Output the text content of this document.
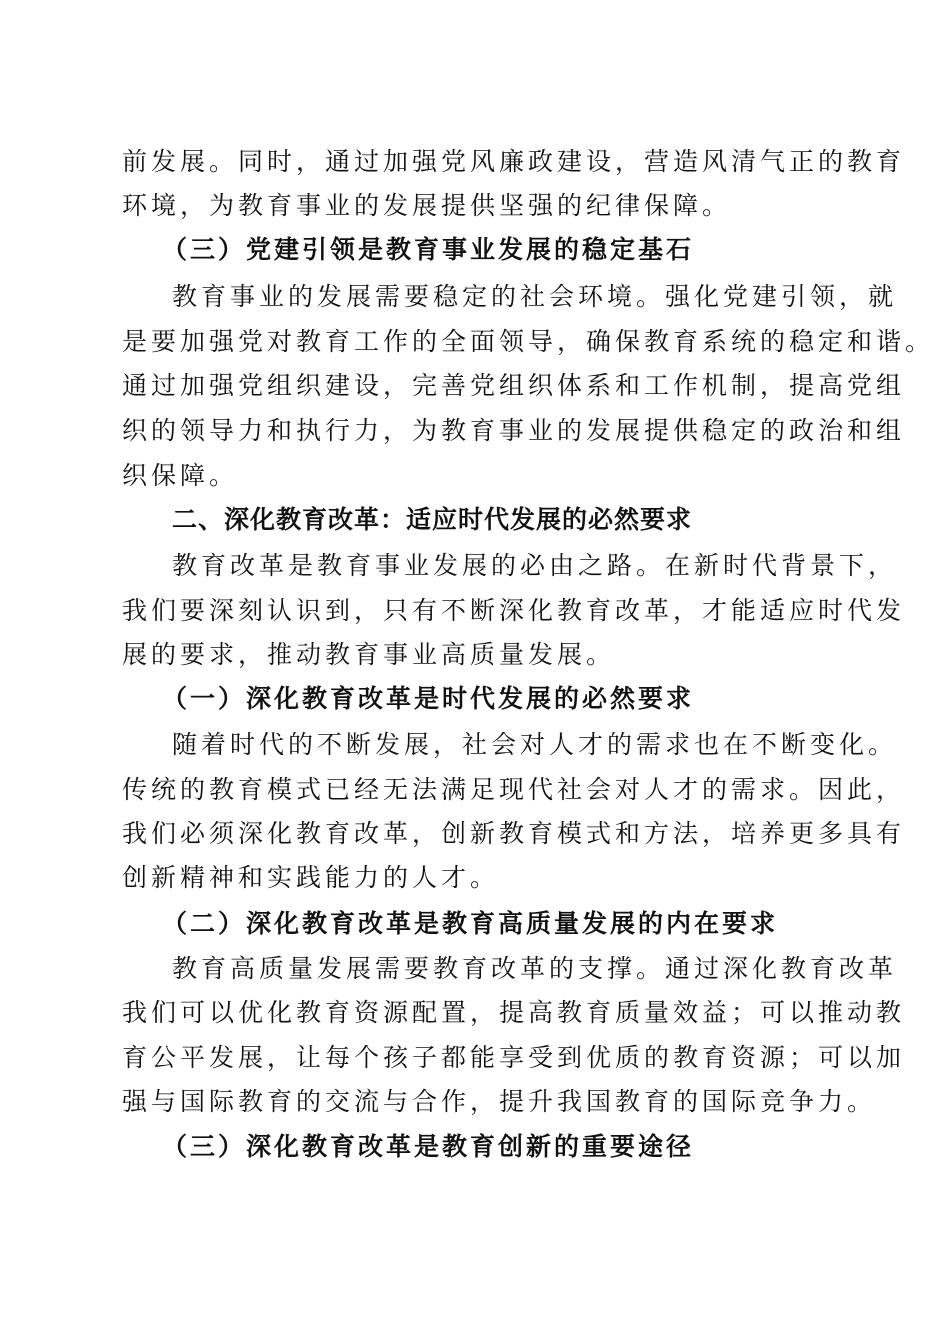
前发展。同时，通过加强党风廉政建设，营造风清气正的教育
环境，为教育事业的发展提供坚强的纪律保障。
（三）党建引领是教育事业发展的稳定基石
教育事业的发展需要稳定的社会环境。强化党建引领，就
是要加强党对教育工作的全面领导，确保教育系统的稳定和谐。
通过加强党组织建设，完善党组织体系和工作机制，提高党组
织的领导力和执行力，为教育事业的发展提供稳定的政治和组
织保障。
二、深化教育改革：适应时代发展的必然要求
教育改革是教育事业发展的必由之路。在新时代背景下，
我们要深刻认识到，只有不断深化教育改革，才能适应时代发
展的要求，推动教育事业高质量发展。
（一）深化教育改革是时代发展的必然要求
随着时代的不断发展，社会对人才的需求也在不断变化。
传统的教育模式已经无法满足现代社会对人才的需求。因此，
我们必须深化教育改革，创新教育模式和方法，培养更多具有
创新精神和实践能力的人才。
（二）深化教育改革是教育高质量发展的内在要求
教育高质量发展需要教育改革的支撑。通过深化教育改革
我们可以优化教育资源配置，提高教育质量效益；可以推动教
育公平发展，让每个孩子都能享受到优质的教育资源；可以加
强与国际教育的交流与合作，提升我国教育的国际竞争力。
（三）深化教育改革是教育创新的重要途径
